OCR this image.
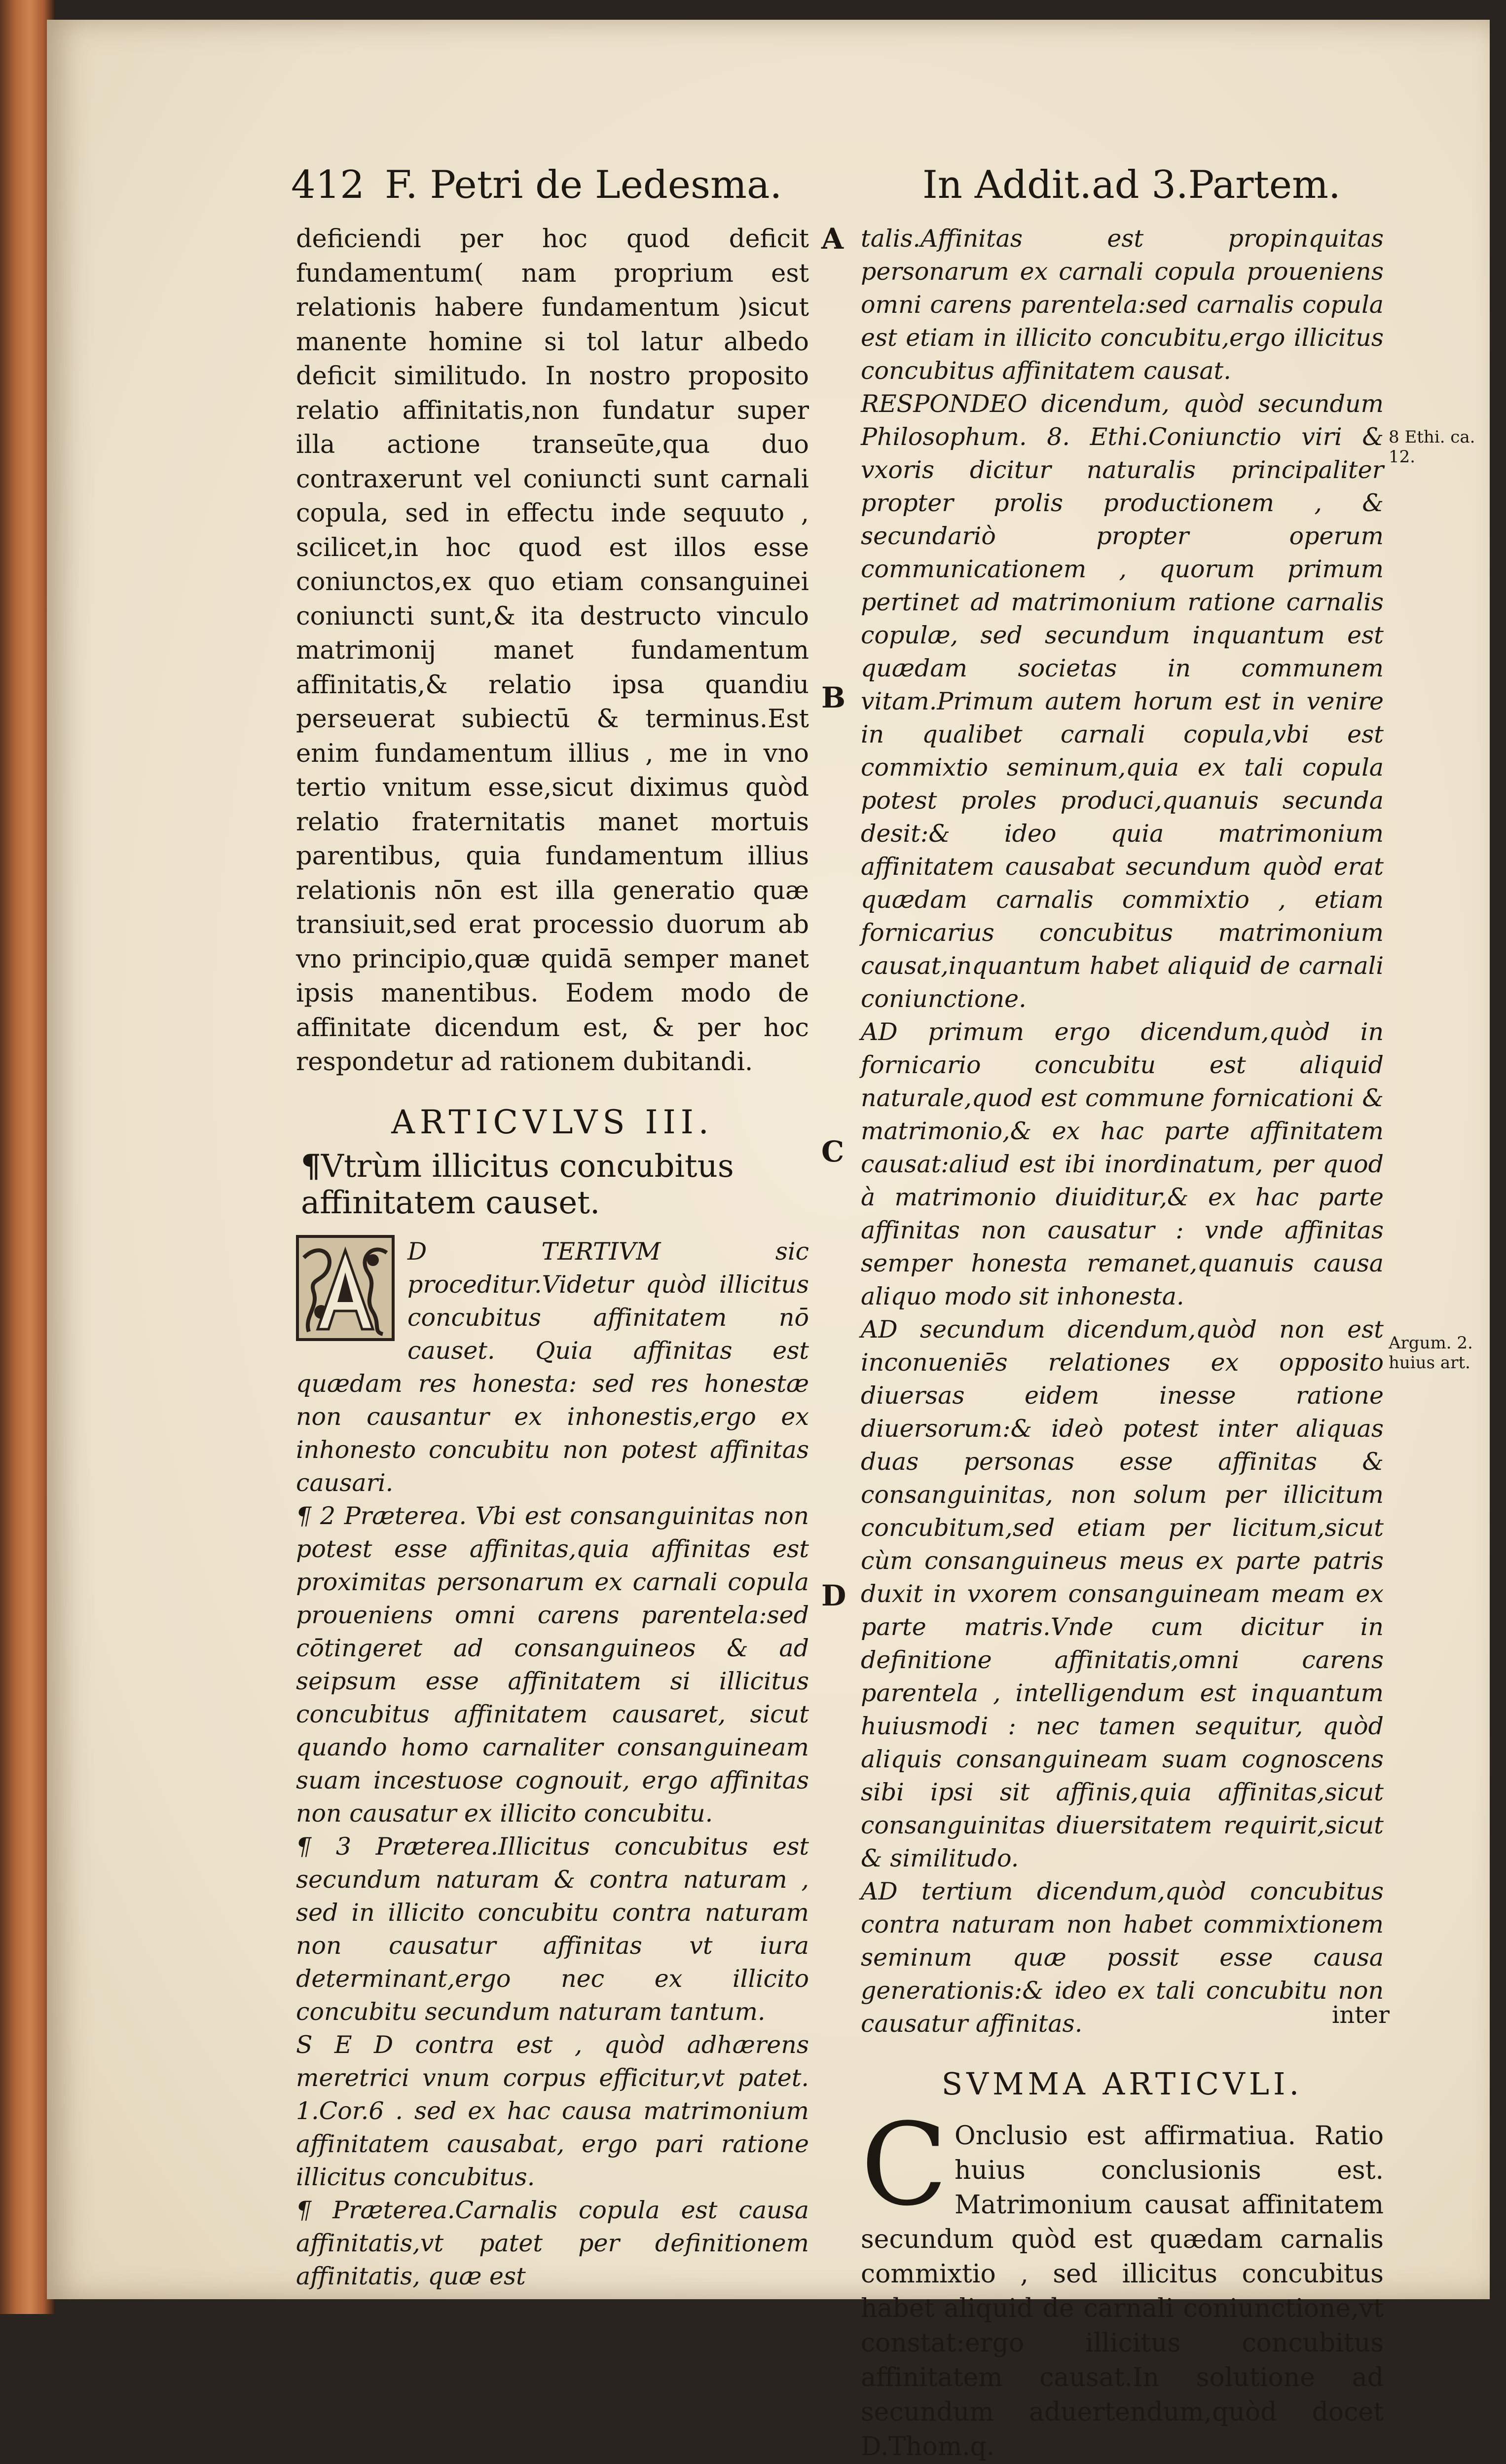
412 F. Petri de Ledesma.	In Addit.ad 3.Partem.

deficiendi per hoc quod deficit fundamentum( nam proprium est relationis habere fundamentum )sicut manente homine si tol latur albedo deficit similitudo. In nostro proposito relatio affinitatis,non fundatur super illa actione transeūte,qua duo contraxerunt vel coniuncti sunt carnali copula, sed in effectu inde sequuto , scilicet,in hoc quod est illos esse coniunctos,ex quo etiam consanguinei coniuncti sunt,& ita destructo vinculo matrimonij manet fundamentum affinitatis,& relatio ipsa quandiu perseuerat subiectū & terminus.Est enim fundamentum illius , me in vno tertio vnitum esse,sicut diximus quòd relatio fraternitatis manet mortuis parentibus, quia fundamentum illius relationis nōn est illa generatio quæ transiuit,sed erat processio duorum ab vno principio,quæ quidā semper manet ipsis manentibus. Eodem modo de affinitate dicendum est, & per hoc respondetur ad rationem dubitandi.

ARTICVLVS III.
¶Vtrùm illicitus concubitus affinitatem causet.

D TERTIVM sic proceditur.Videtur quòd illicitus concubitus affinitatem nō causet. Quia affinitas est quædam res honesta: sed res honestæ non causantur ex inhonestis,ergo ex inhonesto concubitu non potest affinitas causari.

¶ 2 Præterea. Vbi est consanguinitas non potest esse affinitas,quia affinitas est proximitas personarum ex carnali copula proueniens omni carens parentela:sed cōtingeret ad consanguineos & ad seipsum esse affinitatem si illicitus concubitus affinitatem causaret, sicut quando homo carnaliter consanguineam suam incestuose cognouit, ergo affinitas non causatur ex illicito concubitu.

¶ 3 Præterea.Illicitus concubitus est secundum naturam & contra naturam , sed in illicito concubitu contra naturam non causatur affinitas vt iura determinant,ergo nec ex illicito concubitu secundum naturam tantum.

S E D contra est , quòd adhærens meretrici vnum corpus efficitur,vt patet. 1.Cor.6 . sed ex hac causa matrimonium affinitatem causabat, ergo pari ratione illicitus concubitus.

¶ Præterea.Carnalis copula est causa affinitatis,vt patet per definitionem affinitatis, quæ est

talis.Affinitas est propinquitas personarum ex carnali copula proueniens omni carens parentela:sed carnalis copula est etiam in illicito concubitu,ergo illicitus concubitus affinitatem causat.

RESPONDEO dicendum, quòd secundum Philosophum. 8. Ethi.Coniunctio viri & vxoris dicitur naturalis principaliter propter prolis productionem , & secundariò propter operum communicationem , quorum primum pertinet ad matrimonium ratione carnalis copulæ, sed secundum inquantum est quædam societas in communem vitam.Primum autem horum est in venire in qualibet carnali copula,vbi est commixtio seminum,quia ex tali copula potest proles produci,quanuis secunda desit:& ideo quia matrimonium affinitatem causabat secundum quòd erat quædam carnalis commixtio , etiam fornicarius concubitus matrimonium causat,inquantum habet aliquid de carnali coniunctione.

AD primum ergo dicendum,quòd in fornicario concubitu est aliquid naturale,quod est commune fornicationi & matrimonio,& ex hac parte affinitatem causat:aliud est ibi inordinatum, per quod à matrimonio diuiditur,& ex hac parte affinitas non causatur : vnde affinitas semper honesta remanet,quanuis causa aliquo modo sit inhonesta.

AD secundum dicendum,quòd non est inconueniēs relationes ex opposito diuersas eidem inesse ratione diuersorum:& ideò potest inter aliquas duas personas esse affinitas & consanguinitas, non solum per illicitum concubitum,sed etiam per licitum,sicut cùm consanguineus meus ex parte patris duxit in vxorem consanguineam meam ex parte matris.Vnde cum dicitur in definitione affinitatis,omni carens parentela , intelligendum est inquantum huiusmodi : nec tamen sequitur, quòd aliquis consanguineam suam cognoscens sibi ipsi sit affinis,quia affinitas,sicut consanguinitas diuersitatem requirit,sicut & similitudo.

AD tertium dicendum,quòd concubitus contra naturam non habet commixtionem seminum quæ possit esse causa generationis:& ideo ex tali concubitu non causatur affinitas.

SVMMA ARTICVLI.

C Onclusio est affirmatiua. Ratio huius conclusionis est. Matrimonium causat affinitatem secundum quòd est quædam carnalis commixtio , sed illicitus concubitus habet aliquid de carnali coniunctione,vt constat:ergo illicitus concubitus affinitatem causat.In solutione ad secundum aduertendum,quòd docet D.Thom.q.

inter
A
B
C
D
8 Ethi. ca. 12.
Argum. 2. huius art.
